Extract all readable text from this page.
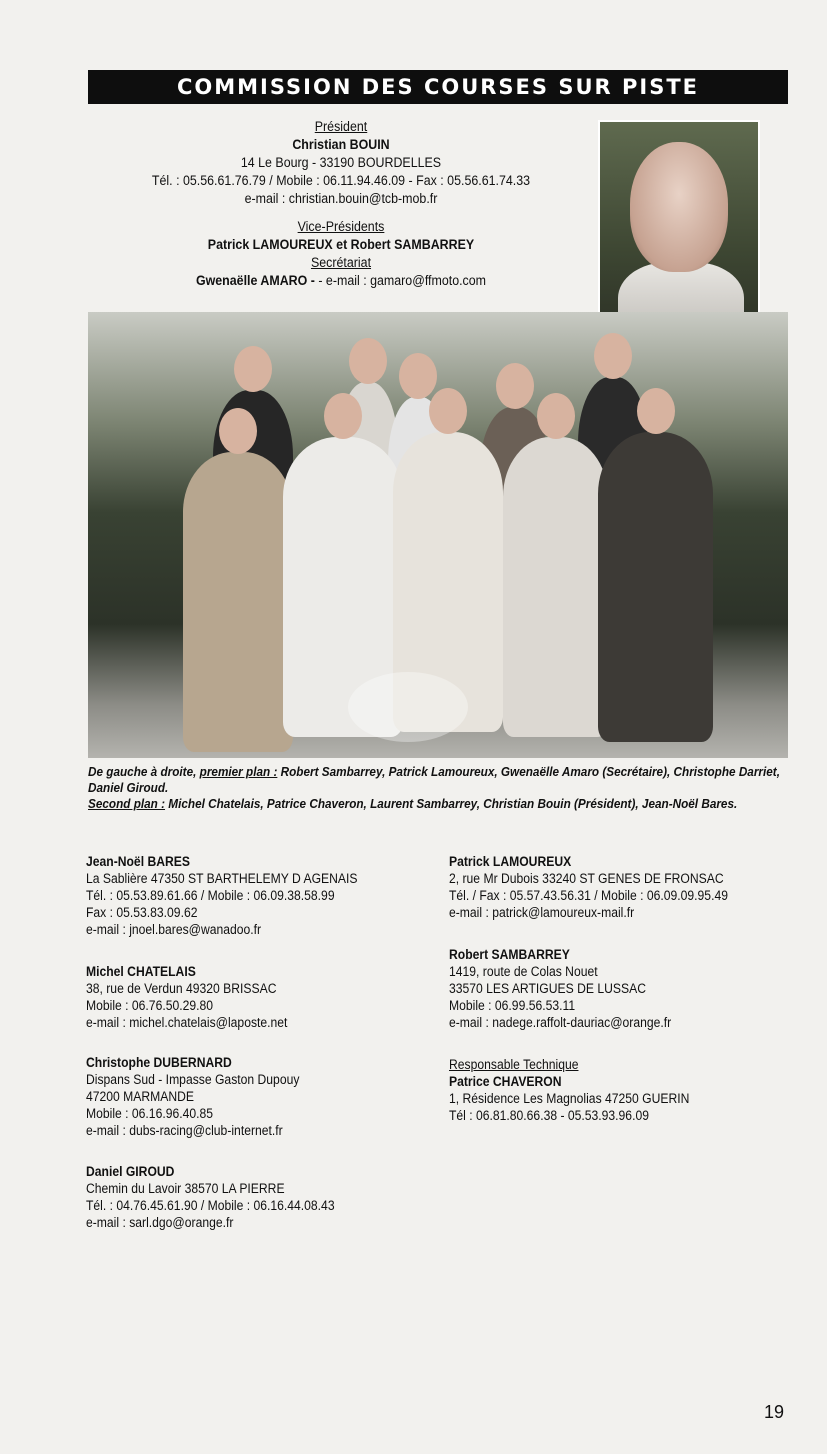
COMMISSION DES COURSES SUR PISTE
Président
Christian BOUIN
14 Le Bourg - 33190 BOURDELLES
Tél. : 05.56.61.76.79 / Mobile : 06.11.94.46.09 - Fax : 05.56.61.74.33
e-mail : christian.bouin@tcb-mob.fr
Vice-Présidents
Patrick LAMOUREUX et Robert SAMBARREY
Secrétariat
Gwenaëlle AMARO - - e-mail : gamaro@ffmoto.com
De gauche à droite, premier plan : Robert Sambarrey, Patrick Lamoureux, Gwenaëlle Amaro (Secrétaire), Christophe Darriet, Daniel Giroud.
Second plan : Michel Chatelais, Patrice Chaveron, Laurent Sambarrey, Christian Bouin (Président), Jean-Noël Bares.
Jean-Noël BARES
La Sablière 47350 ST BARTHELEMY D AGENAIS
Tél. : 05.53.89.61.66 / Mobile : 06.09.38.58.99
Fax : 05.53.83.09.62
e-mail : jnoel.bares@wanadoo.fr
Michel CHATELAIS
38, rue de Verdun 49320 BRISSAC
Mobile : 06.76.50.29.80
e-mail : michel.chatelais@laposte.net
Christophe DUBERNARD
Dispans Sud - Impasse Gaston Dupouy
47200 MARMANDE
Mobile : 06.16.96.40.85
e-mail : dubs-racing@club-internet.fr
Daniel GIROUD
Chemin du Lavoir 38570 LA PIERRE
Tél. : 04.76.45.61.90 / Mobile : 06.16.44.08.43
e-mail : sarl.dgo@orange.fr
Patrick LAMOUREUX
2, rue Mr Dubois 33240 ST GENES DE FRONSAC
Tél. / Fax : 05.57.43.56.31 / Mobile : 06.09.09.95.49
e-mail : patrick@lamoureux-mail.fr
Robert SAMBARREY
1419, route de Colas Nouet
33570 LES ARTIGUES DE LUSSAC
Mobile : 06.99.56.53.11
e-mail : nadege.raffolt-dauriac@orange.fr
Responsable Technique
Patrice CHAVERON
1, Résidence Les Magnolias 47250 GUERIN
Tél : 06.81.80.66.38 - 05.53.93.96.09
19
